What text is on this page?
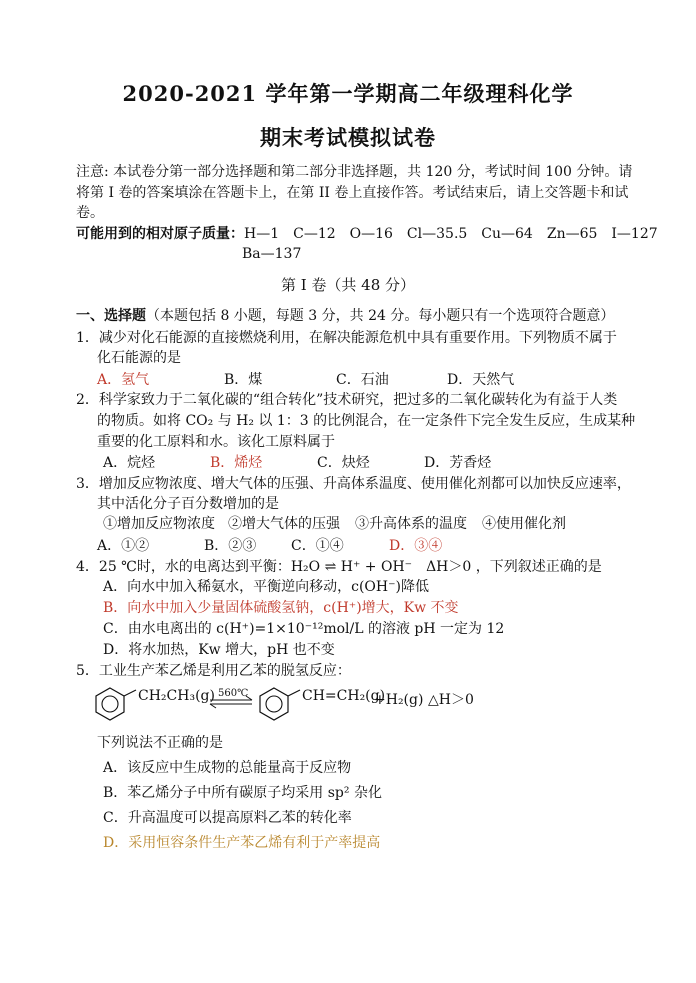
2020-2021 学年第一学期高二年级理科化学
期末考试模拟试卷
注意: 本试卷分第一部分选择题和第二部分非选择题，共 120 分，考试时间 100 分钟。请
将第 I 卷的答案填涂在答题卡上，在第 II 卷上直接作答。考试结束后，请上交答题卡和试
卷。
可能用到的相对原子质量：H—1　C—12　O—16　Cl—35.5　Cu—64　Zn—65　I—127
Ba—137
第 I 卷（共 48 分）
一、选择题（本题包括 8 小题，每题 3 分，共 24 分。每小题只有一个选项符合题意）
1．减少对化石能源的直接燃烧利用，在解决能源危机中具有重要作用。下列物质不属于
化石能源的是
A．氢气	B．煤	C．石油	D．天然气
2．科学家致力于二氧化碳的“组合转化”技术研究，把过多的二氧化碳转化为有益于人类
的物质。如将 CO₂ 与 H₂ 以 1：3 的比例混合，在一定条件下完全发生反应，生成某种
重要的化工原料和水。该化工原料属于
A．烷烃	B．烯烃	C．炔烃	D．芳香烃
3．增加反应物浓度、增大气体的压强、升高体系温度、使用催化剂都可以加快反应速率，
其中活化分子百分数增加的是
①增加反应物浓度 ②增大气体的压强 ③升高体系的温度 ④使用催化剂
A．①②	B．②③ C．①④	D．③④
4．25 ℃时，水的电离达到平衡：H₂O ⇌ H⁺ + OH⁻　ΔH＞0 ，下列叙述正确的是
A．向水中加入稀氨水，平衡逆向移动，c(OH⁻)降低
B．向水中加入少量固体硫酸氢钠，c(H⁺)增大，Kw 不变
C．由水电离出的 c(H⁺)=1×10⁻¹²mol/L 的溶液 pH 一定为 12
D．将水加热，Kw 增大，pH 也不变
5．工业生产苯乙烯是利用乙苯的脱氢反应：
CH₂CH₃(g) 560℃	CH=CH₂(g)
+H₂(g) △H＞0
下列说法不正确的是
A．该反应中生成物的总能量高于反应物
B．苯乙烯分子中所有碳原子均采用 sp² 杂化
C．升高温度可以提高原料乙苯的转化率
D．采用恒容条件生产苯乙烯有利于产率提高
